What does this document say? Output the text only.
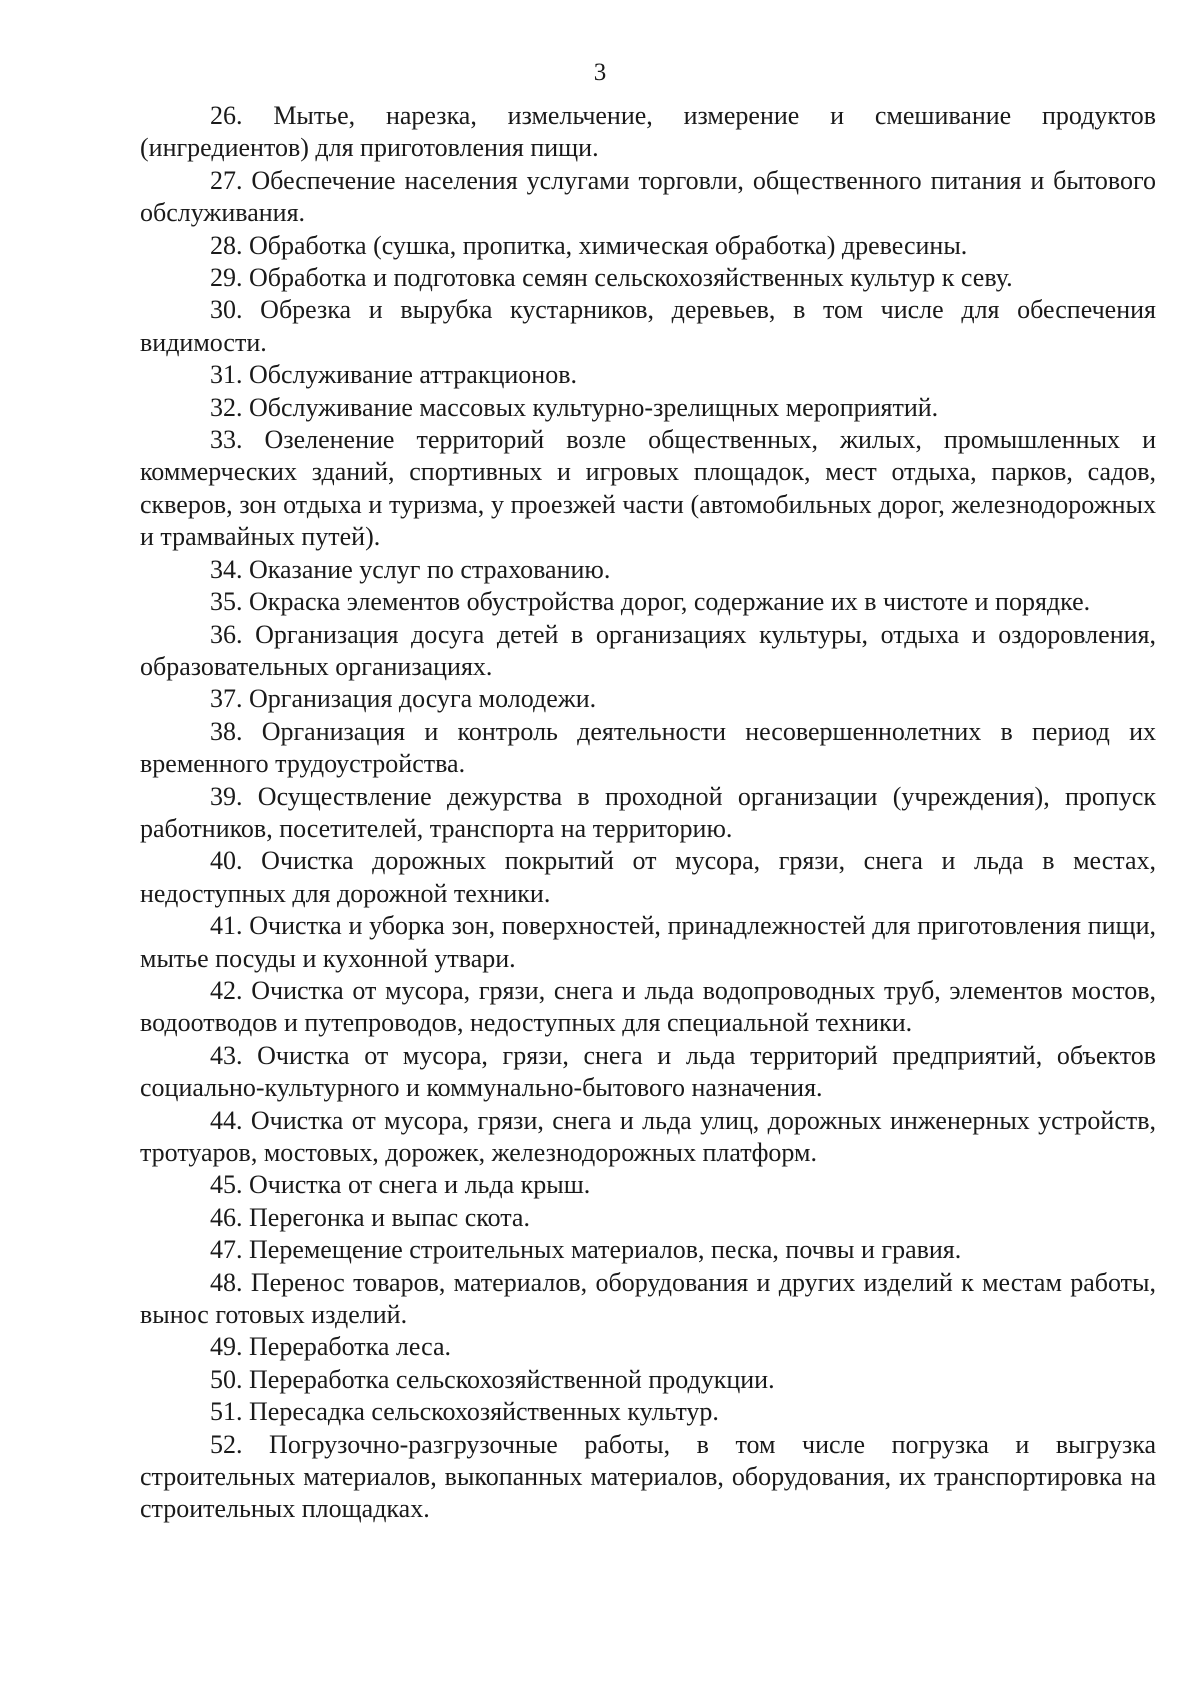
3

26. Мытье, нарезка, измельчение, измерение и смешивание продуктов (ингредиентов) для приготовления пищи.

27. Обеспечение населения услугами торговли, общественного питания и бытового обслуживания.

28. Обработка (сушка, пропитка, химическая обработка) древесины.

29. Обработка и подготовка семян сельскохозяйственных культур к севу.

30. Обрезка и вырубка кустарников, деревьев, в том числе для обеспечения видимости.

31. Обслуживание аттракционов.

32. Обслуживание массовых культурно-зрелищных мероприятий.

33. Озеленение территорий возле общественных, жилых, промышленных и коммерческих зданий, спортивных и игровых площадок, мест отдыха, парков, садов, скверов, зон отдыха и туризма, у проезжей части (автомобильных дорог, железнодорожных и трамвайных путей).

34. Оказание услуг по страхованию.

35. Окраска элементов обустройства дорог, содержание их в чистоте и порядке.

36. Организация досуга детей в организациях культуры, отдыха и оздоровления, образовательных организациях.

37. Организация досуга молодежи.

38. Организация и контроль деятельности несовершеннолетних в период их временного трудоустройства.

39. Осуществление дежурства в проходной организации (учреждения), пропуск работников, посетителей, транспорта на территорию.

40. Очистка дорожных покрытий от мусора, грязи, снега и льда в местах, недоступных для дорожной техники.

41. Очистка и уборка зон, поверхностей, принадлежностей для приготовления пищи, мытье посуды и кухонной утвари.

42. Очистка от мусора, грязи, снега и льда водопроводных труб, элементов мостов, водоотводов и путепроводов, недоступных для специальной техники.

43. Очистка от мусора, грязи, снега и льда территорий предприятий, объектов социально-культурного и коммунально-бытового назначения.

44. Очистка от мусора, грязи, снега и льда улиц, дорожных инженерных устройств, тротуаров, мостовых, дорожек, железнодорожных платформ.

45. Очистка от снега и льда крыш.

46. Перегонка и выпас скота.

47. Перемещение строительных материалов, песка, почвы и гравия.

48. Перенос товаров, материалов, оборудования и других изделий к местам работы, вынос готовых изделий.

49. Переработка леса.

50. Переработка сельскохозяйственной продукции.

51. Пересадка сельскохозяйственных культур.

52. Погрузочно-разгрузочные работы, в том числе погрузка и выгрузка строительных материалов, выкопанных материалов, оборудования, их транспортировка на строительных площадках.
